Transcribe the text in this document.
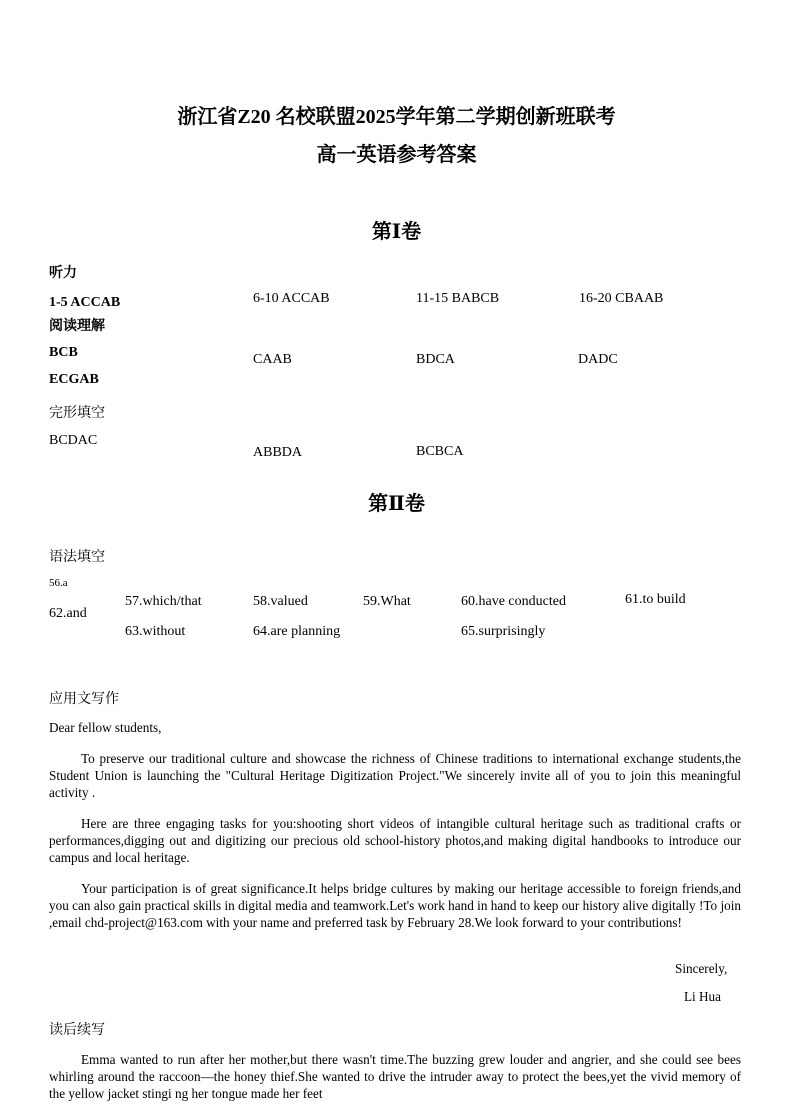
浙江省Z20 名校联盟2025学年第二学期创新班联考
高一英语参考答案
第Ⅰ卷
听力
1-5 ACCAB	6-10 ACCAB	11-15 BABCB	16-20 CBAAB
阅读理解
BCB	CAAB	BDCA	DADC
ECGAB
完形填空
BCDAC
ABBDA	BCBCA
第Ⅱ卷
语法填空
56.a
57.which/that	58.valued	59.What	60.have conducted	61.to build
62.and
63.without	64.are planning	65.surprisingly
应用文写作
Dear fellow students,
To preserve our traditional culture and showcase the richness of Chinese traditions to international exchange students,the Student Union is launching the "Cultural Heritage Digitization Project."We sincerely invite all of you to join this meaningful activity .
Here are three engaging tasks for you:shooting short videos of intangible cultural heritage such as traditional crafts or performances,digging out and digitizing our precious old school-history photos,and making digital handbooks to introduce our campus and local heritage.
Your participation is of great significance.It helps bridge cultures by making our heritage accessible to foreign friends,and you can also gain practical skills in digital media and teamwork.Let's work hand in hand to keep our history alive digitally !To join ,email chd-project@163.com with your name and preferred task by February 28.We look forward to your contributions!
Sincerely,
Li Hua
读后续写
Emma wanted to run after her mother,but there wasn't time.The buzzing grew louder and angrier, and she could see bees whirling around the raccoon—the honey thief.She wanted to drive the intruder away to protect the bees,yet the vivid memory of the yellow jacket stingi ng her tongue made her feet
